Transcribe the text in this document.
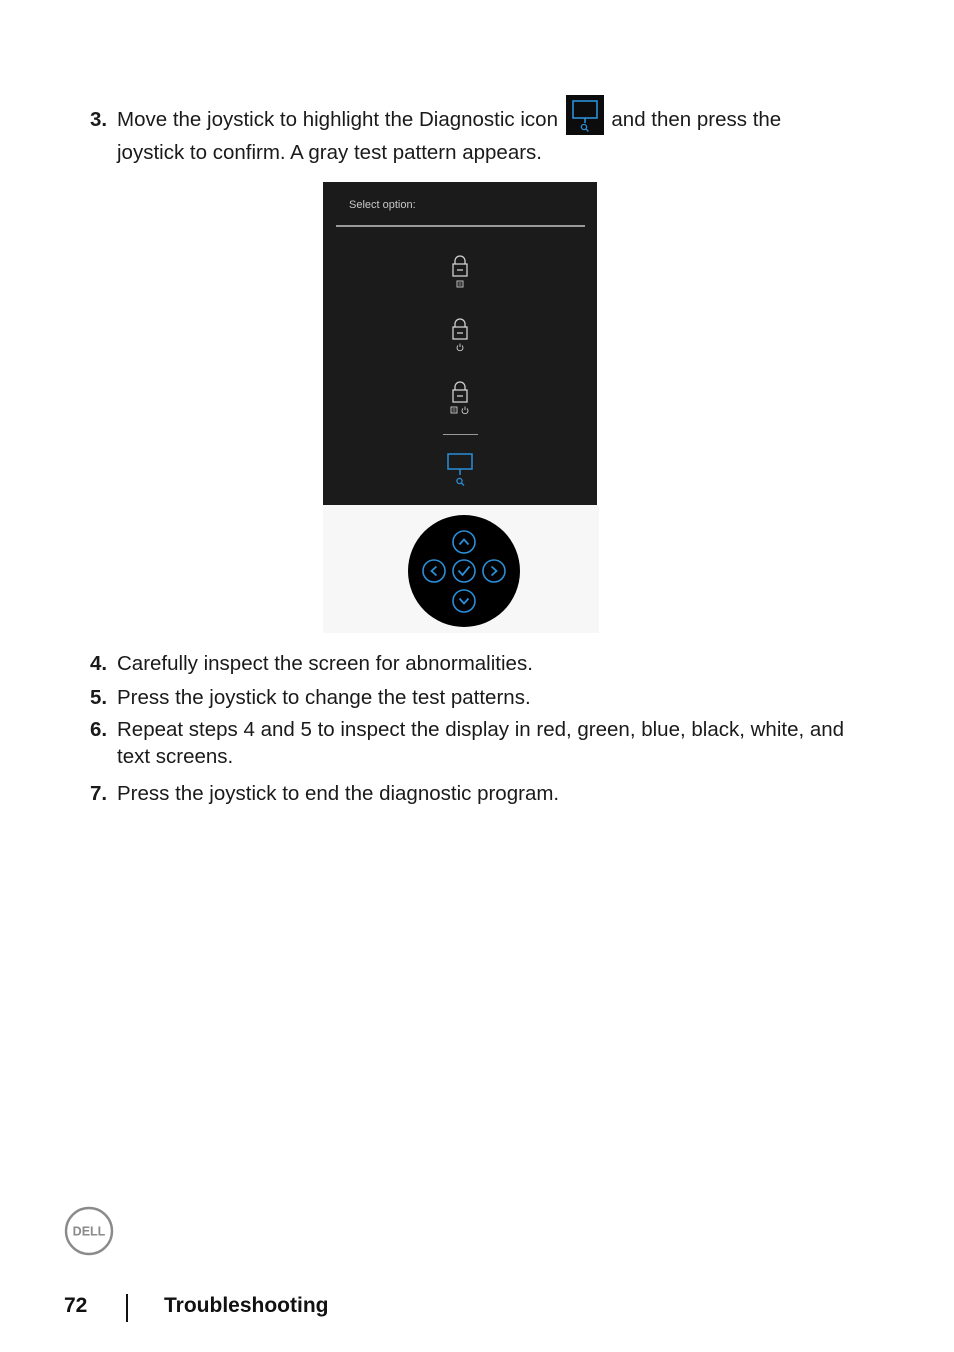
3. Move the joystick to highlight the Diagnostic icon	and then press the joystick to confirm. A gray test pattern appears.
Select option:
4. Carefully inspect the screen for abnormalities.
5. Press the joystick to change the test patterns.
6. Repeat steps 4 and 5 to inspect the display in red, green, blue, black, white, and text screens.
7. Press the joystick to end the diagnostic program.
DELL
72	Troubleshooting
